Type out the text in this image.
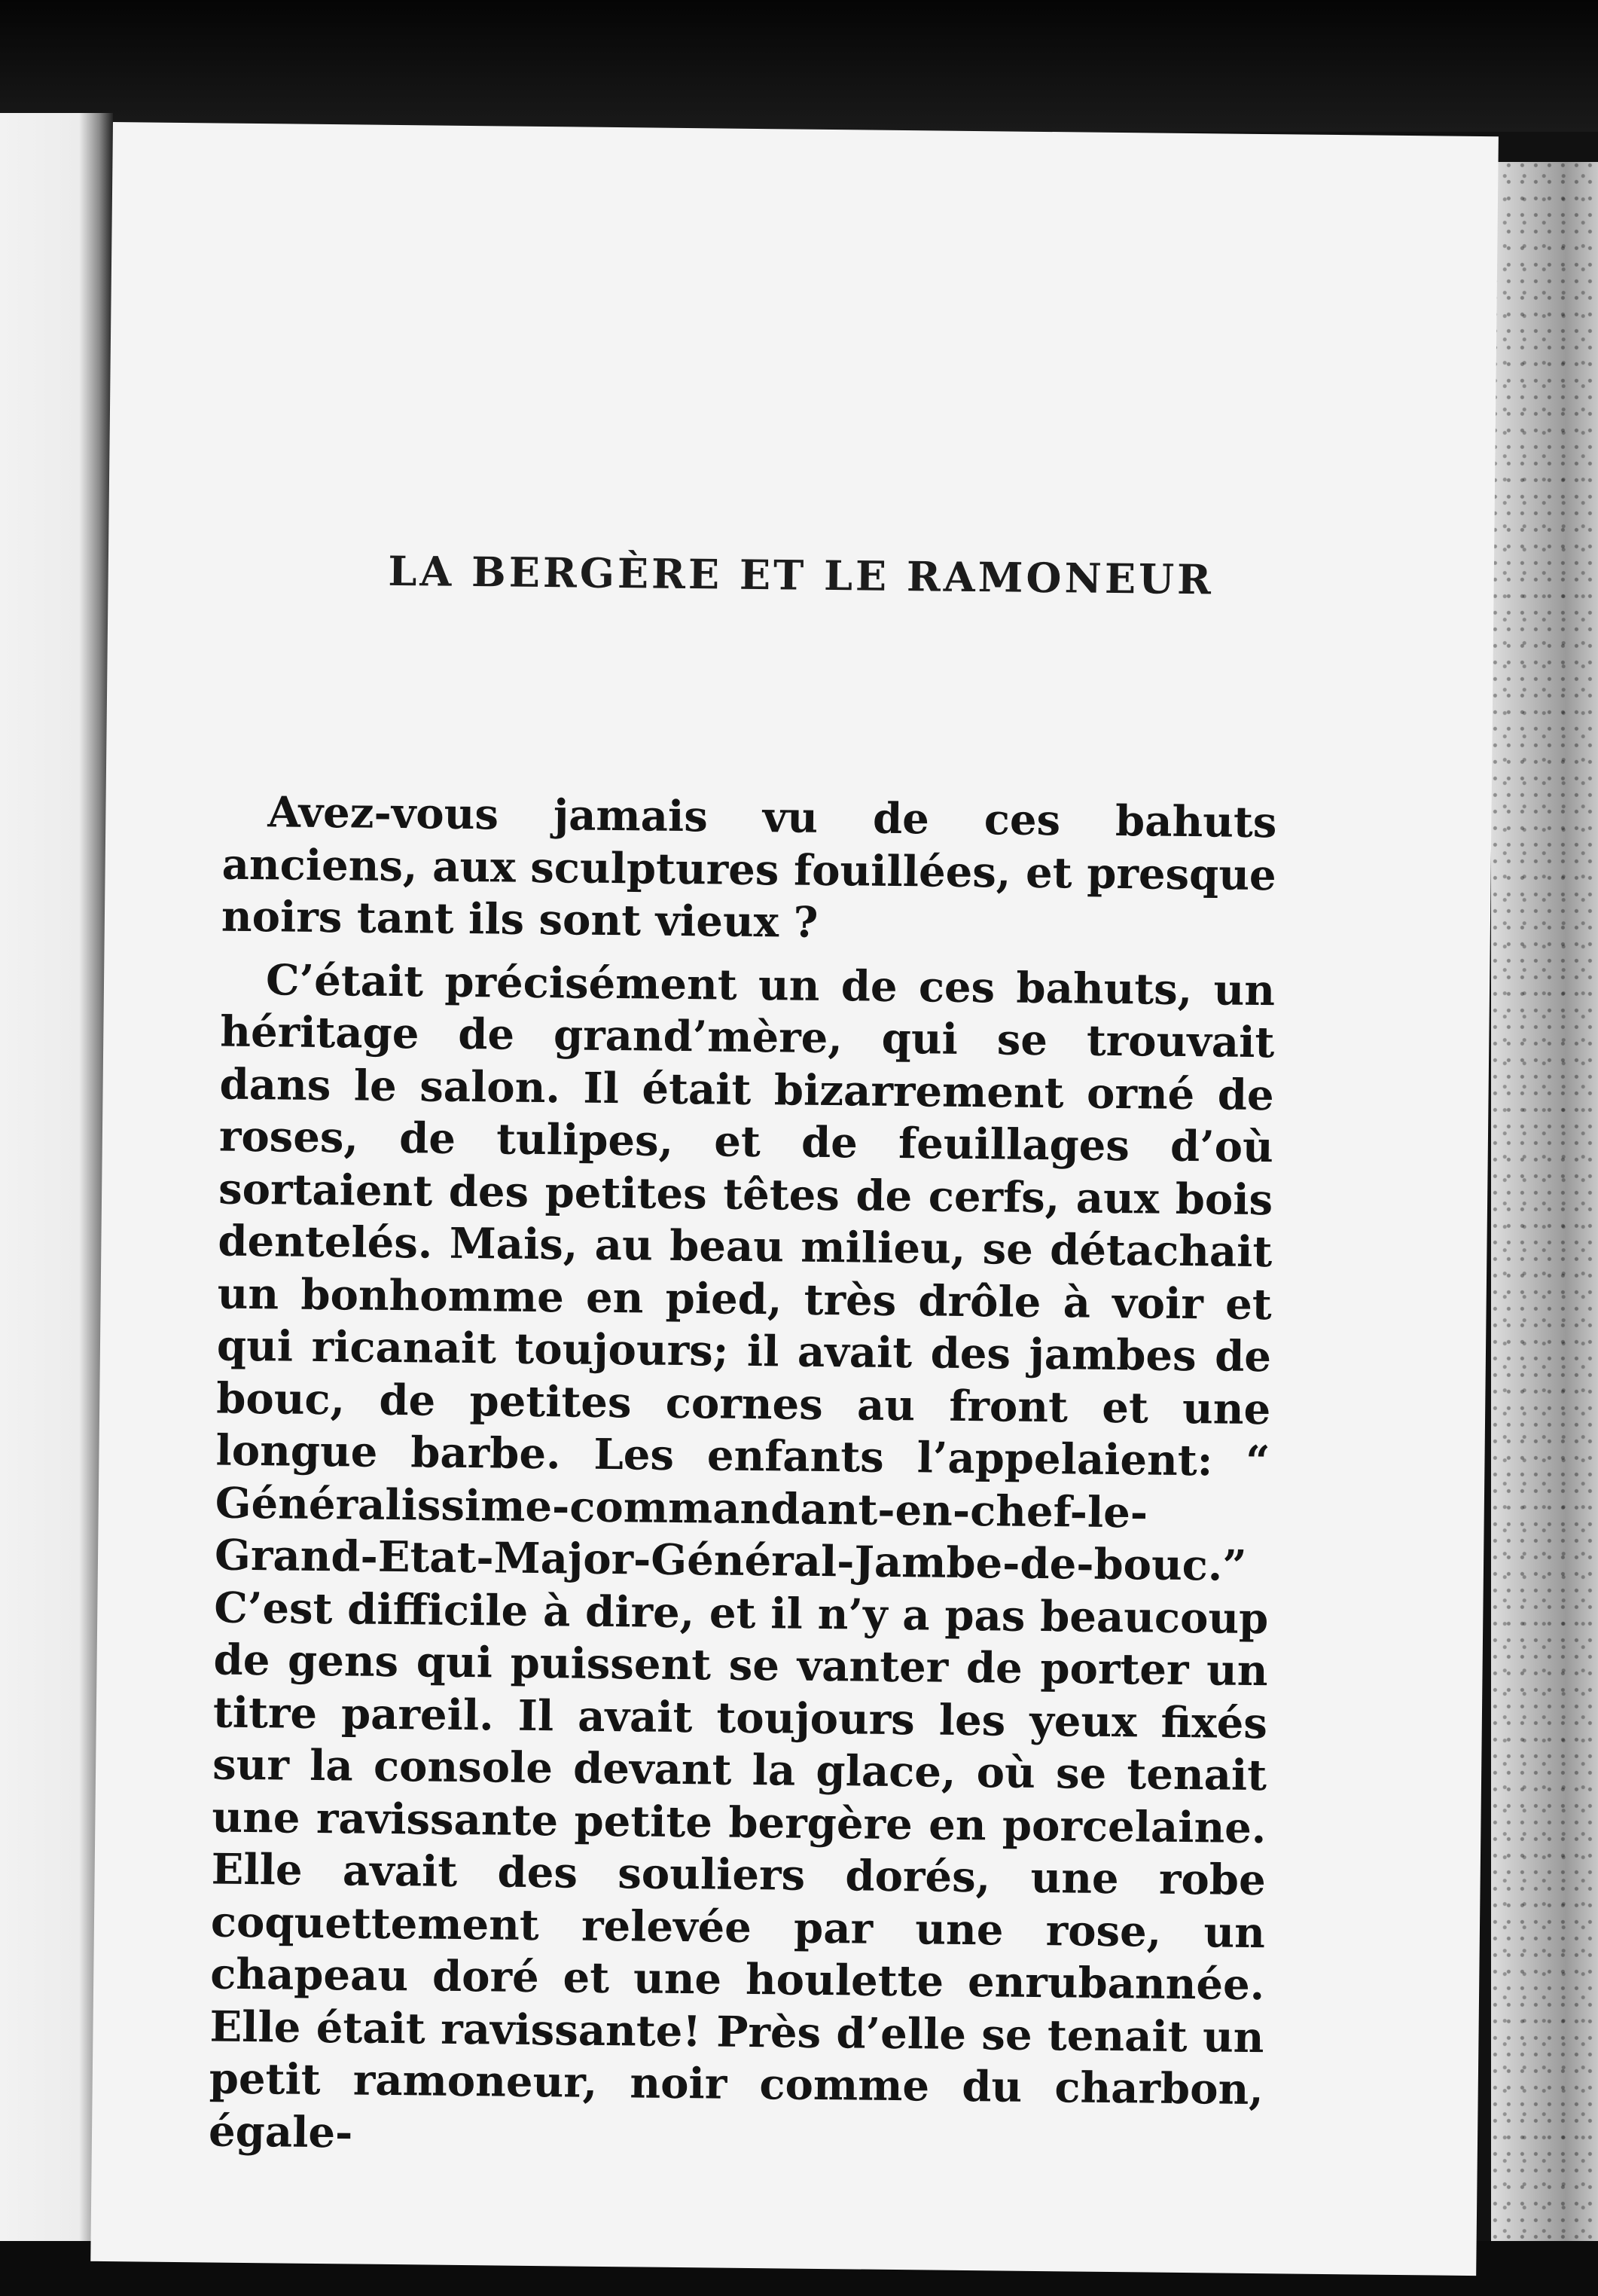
LA BERGÈRE ET LE RAMONEUR

Avez-vous jamais vu de ces bahuts anciens, aux sculptures fouillées, et presque noirs tant ils sont vieux ?

C’était précisément un de ces bahuts, un héritage de grand’mère, qui se trouvait dans le salon. Il était bizarrement orné de roses, de tulipes, et de feuillages d’où sortaient des petites têtes de cerfs, aux bois dentelés. Mais, au beau milieu, se détachait un bonhomme en pied, très drôle à voir et qui ricanait toujours; il avait des jambes de bouc, de petites cornes au front et une longue barbe. Les enfants l’appelaient: “ Généralissime-commandant-en-chef-le-Grand-Etat-Major-Général-Jambe-de-bouc.” C’est difficile à dire, et il n’y a pas beaucoup de gens qui puissent se vanter de porter un titre pareil. Il avait toujours les yeux fixés sur la console devant la glace, où se tenait une ravissante petite bergère en porcelaine. Elle avait des souliers dorés, une robe coquettement relevée par une rose, un chapeau doré et une houlette enrubannée. Elle était ravissante! Près d’elle se tenait un petit ramoneur, noir comme du charbon, égale-
